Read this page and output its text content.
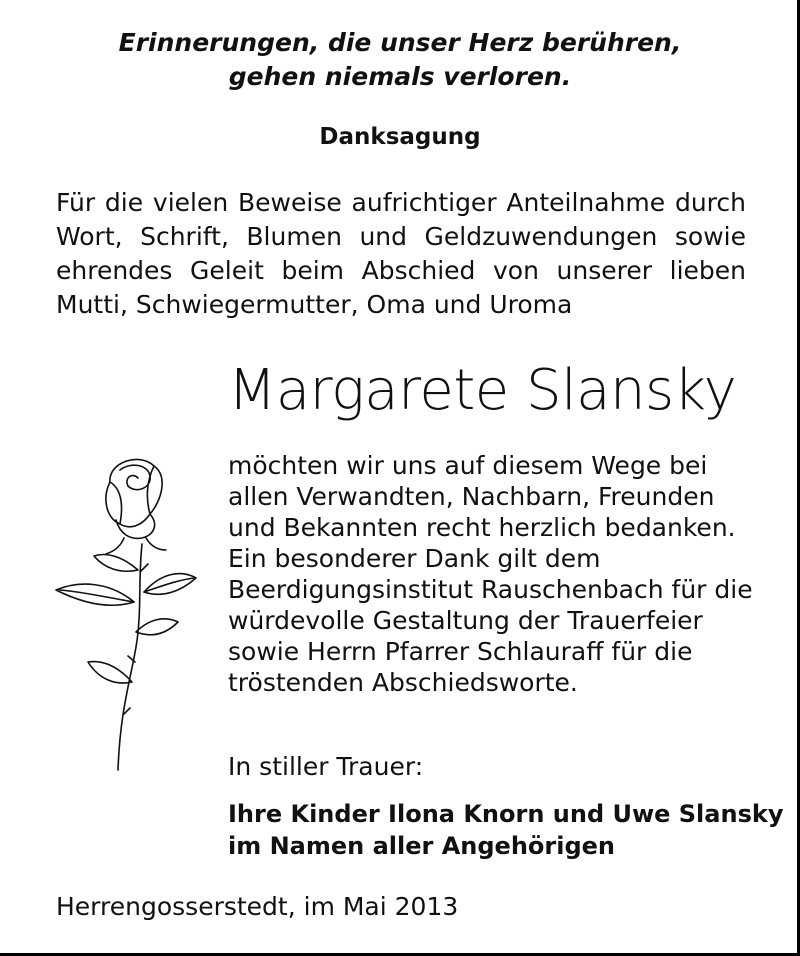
Erinnerungen, die unser Herz berühren,
gehen niemals verloren.
Danksagung
Für die vielen Beweise aufrichtiger Anteilnahme durch Wort, Schrift, Blumen und Geldzuwendungen sowie ehrendes Geleit beim Abschied von unserer lieben Mutti, Schwiegermutter, Oma und Uroma
Margarete Slansky
möchten wir uns auf diesem Wege bei
allen Verwandten, Nachbarn, Freunden
und Bekannten recht herzlich bedanken.
Ein besonderer Dank gilt dem
Beerdigungsinstitut Rauschenbach für die
würdevolle Gestaltung der Trauerfeier
sowie Herrn Pfarrer Schlauraff für die
tröstenden Abschiedsworte.
In stiller Trauer:
Ihre Kinder Ilona Knorn und Uwe Slansky
im Namen aller Angehörigen
Herrengosserstedt, im Mai 2013
